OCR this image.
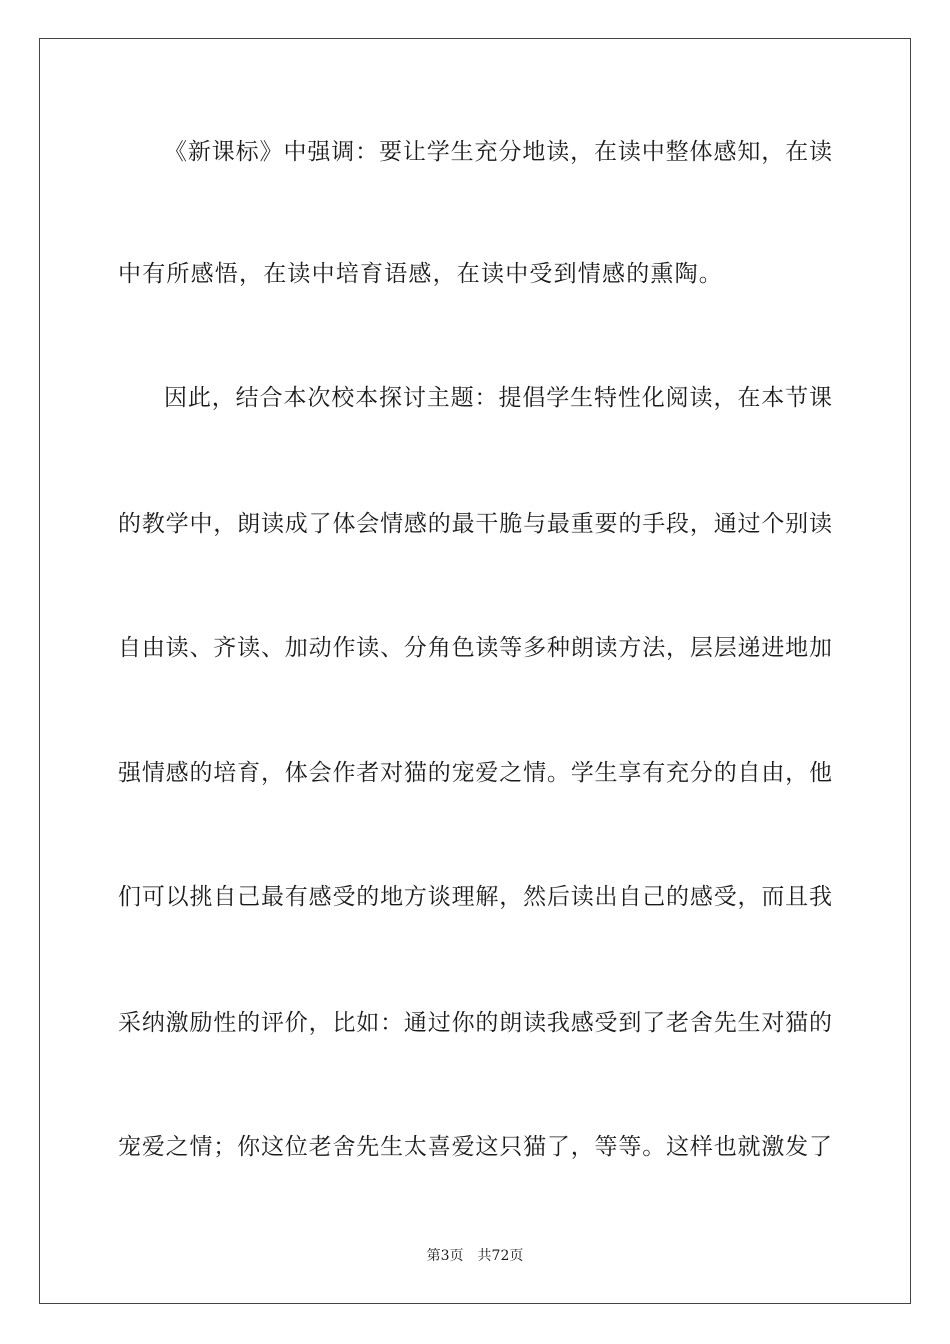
《新课标》中强调：要让学生充分地读，在读中整体感知，在读
中有所感悟，在读中培育语感，在读中受到情感的熏陶。
因此，结合本次校本探讨主题：提倡学生特性化阅读，在本节课
的教学中，朗读成了体会情感的最干脆与最重要的手段，通过个别读
自由读、齐读、加动作读、分角色读等多种朗读方法，层层递进地加
强情感的培育，体会作者对猫的宠爱之情。学生享有充分的自由，他
们可以挑自己最有感受的地方谈理解，然后读出自己的感受，而且我
采纳激励性的评价，比如：通过你的朗读我感受到了老舍先生对猫的
宠爱之情；你这位老舍先生太喜爱这只猫了，等等。这样也就激发了
第3页 共72页
